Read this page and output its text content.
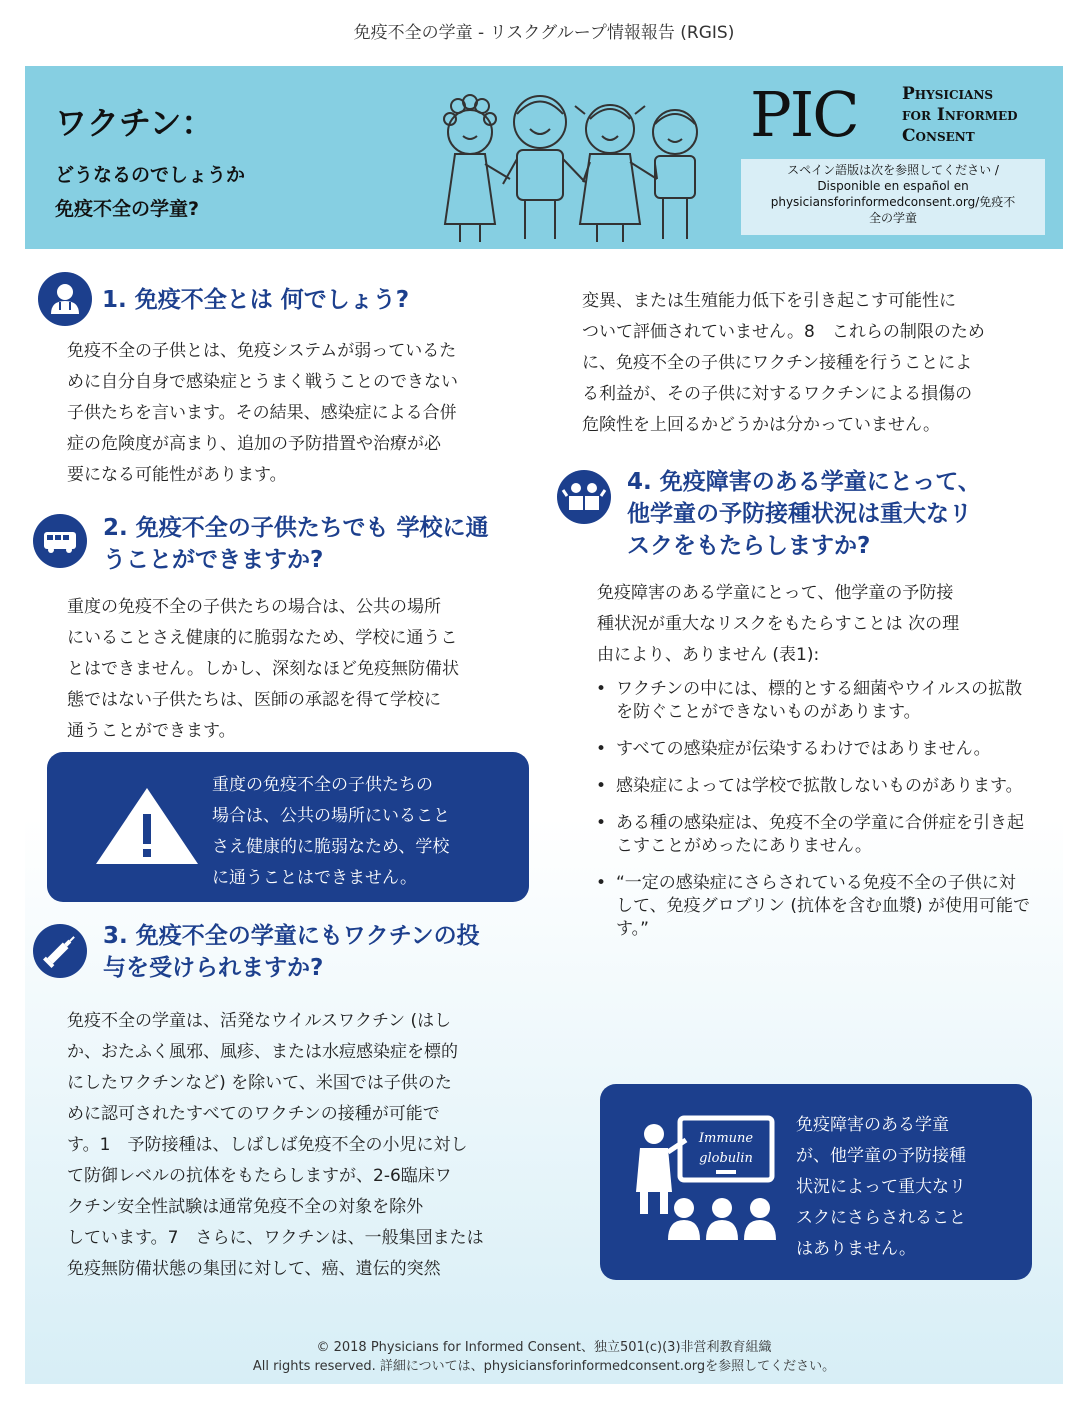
免疫不全の学童 - リスクグループ情報報告 (RGIS)
ワクチン：
どうなるのでしょうか
免疫不全の学童?
PIC	Physicians
for Informed
Consent
スペイン語版は次を参照してください /
Disponible en español en
physiciansforinformedconsent.org/免疫不
全の学童
1. 免疫不全とは 何でしょう?
免疫不全の子供とは、免疫システムが弱っているた
めに自分自身で感染症とうまく戦うことのできない
子供たちを言います。その結果、感染症による合併
症の危険度が高まり、追加の予防措置や治療が必
要になる可能性があります。
2. 免疫不全の子供たちでも 学校に通
うことができますか?
重度の免疫不全の子供たちの場合は、公共の場所
にいることさえ健康的に脆弱なため、学校に通うこ
とはできません。しかし、深刻なほど免疫無防備状
態ではない子供たちは、医師の承認を得て学校に
通うことができます。
重度の免疫不全の子供たちの
場合は、公共の場所にいること
さえ健康的に脆弱なため、学校
に通うことはできません。
3. 免疫不全の学童にもワクチンの投
与を受けられますか?
免疫不全の学童は、活発なウイルスワクチン (はし
か、おたふく風邪、風疹、または水痘感染症を標的
にしたワクチンなど) を除いて、米国では子供のた
めに認可されたすべてのワクチンの接種が可能で
す。1　予防接種は、しばしば免疫不全の小児に対し
て防御レベルの抗体をもたらしますが、2-6臨床ワ
クチン安全性試験は通常免疫不全の対象を除外
しています。7　さらに、ワクチンは、一般集団または
免疫無防備状態の集団に対して、癌、遺伝的突然
変異、または生殖能力低下を引き起こす可能性に
ついて評価されていません。8　これらの制限のため
に、免疫不全の子供にワクチン接種を行うことによ
る利益が、その子供に対するワクチンによる損傷の
危険性を上回るかどうかは分かっていません。
4. 免疫障害のある学童にとって、
他学童の予防接種状況は重大なリ
スクをもたらしますか?
免疫障害のある学童にとって、他学童の予防接
種状況が重大なリスクをもたらすことは 次の理
由により、ありません (表1):
• ワクチンの中には、標的とする細菌やウイルスの拡散を防ぐことができないものがあります。
• すべての感染症が伝染するわけではありません。
• 感染症によっては学校で拡散しないものがあります。
• ある種の感染症は、免疫不全の学童に合併症を引き起こすことがめったにありません。
• “一定の感染症にさらされている免疫不全の子供に対して、免疫グロブリン (抗体を含む血漿) が使用可能です。”
Immune
globulin
免疫障害のある学童
が、他学童の予防接種
状況によって重大なリ
スクにさらされること
はありません。
© 2018 Physicians for Informed Consent、独立501(c)(3)非営利教育組織
All rights reserved. 詳細については、physiciansforinformedconsent.orgを参照してください。
